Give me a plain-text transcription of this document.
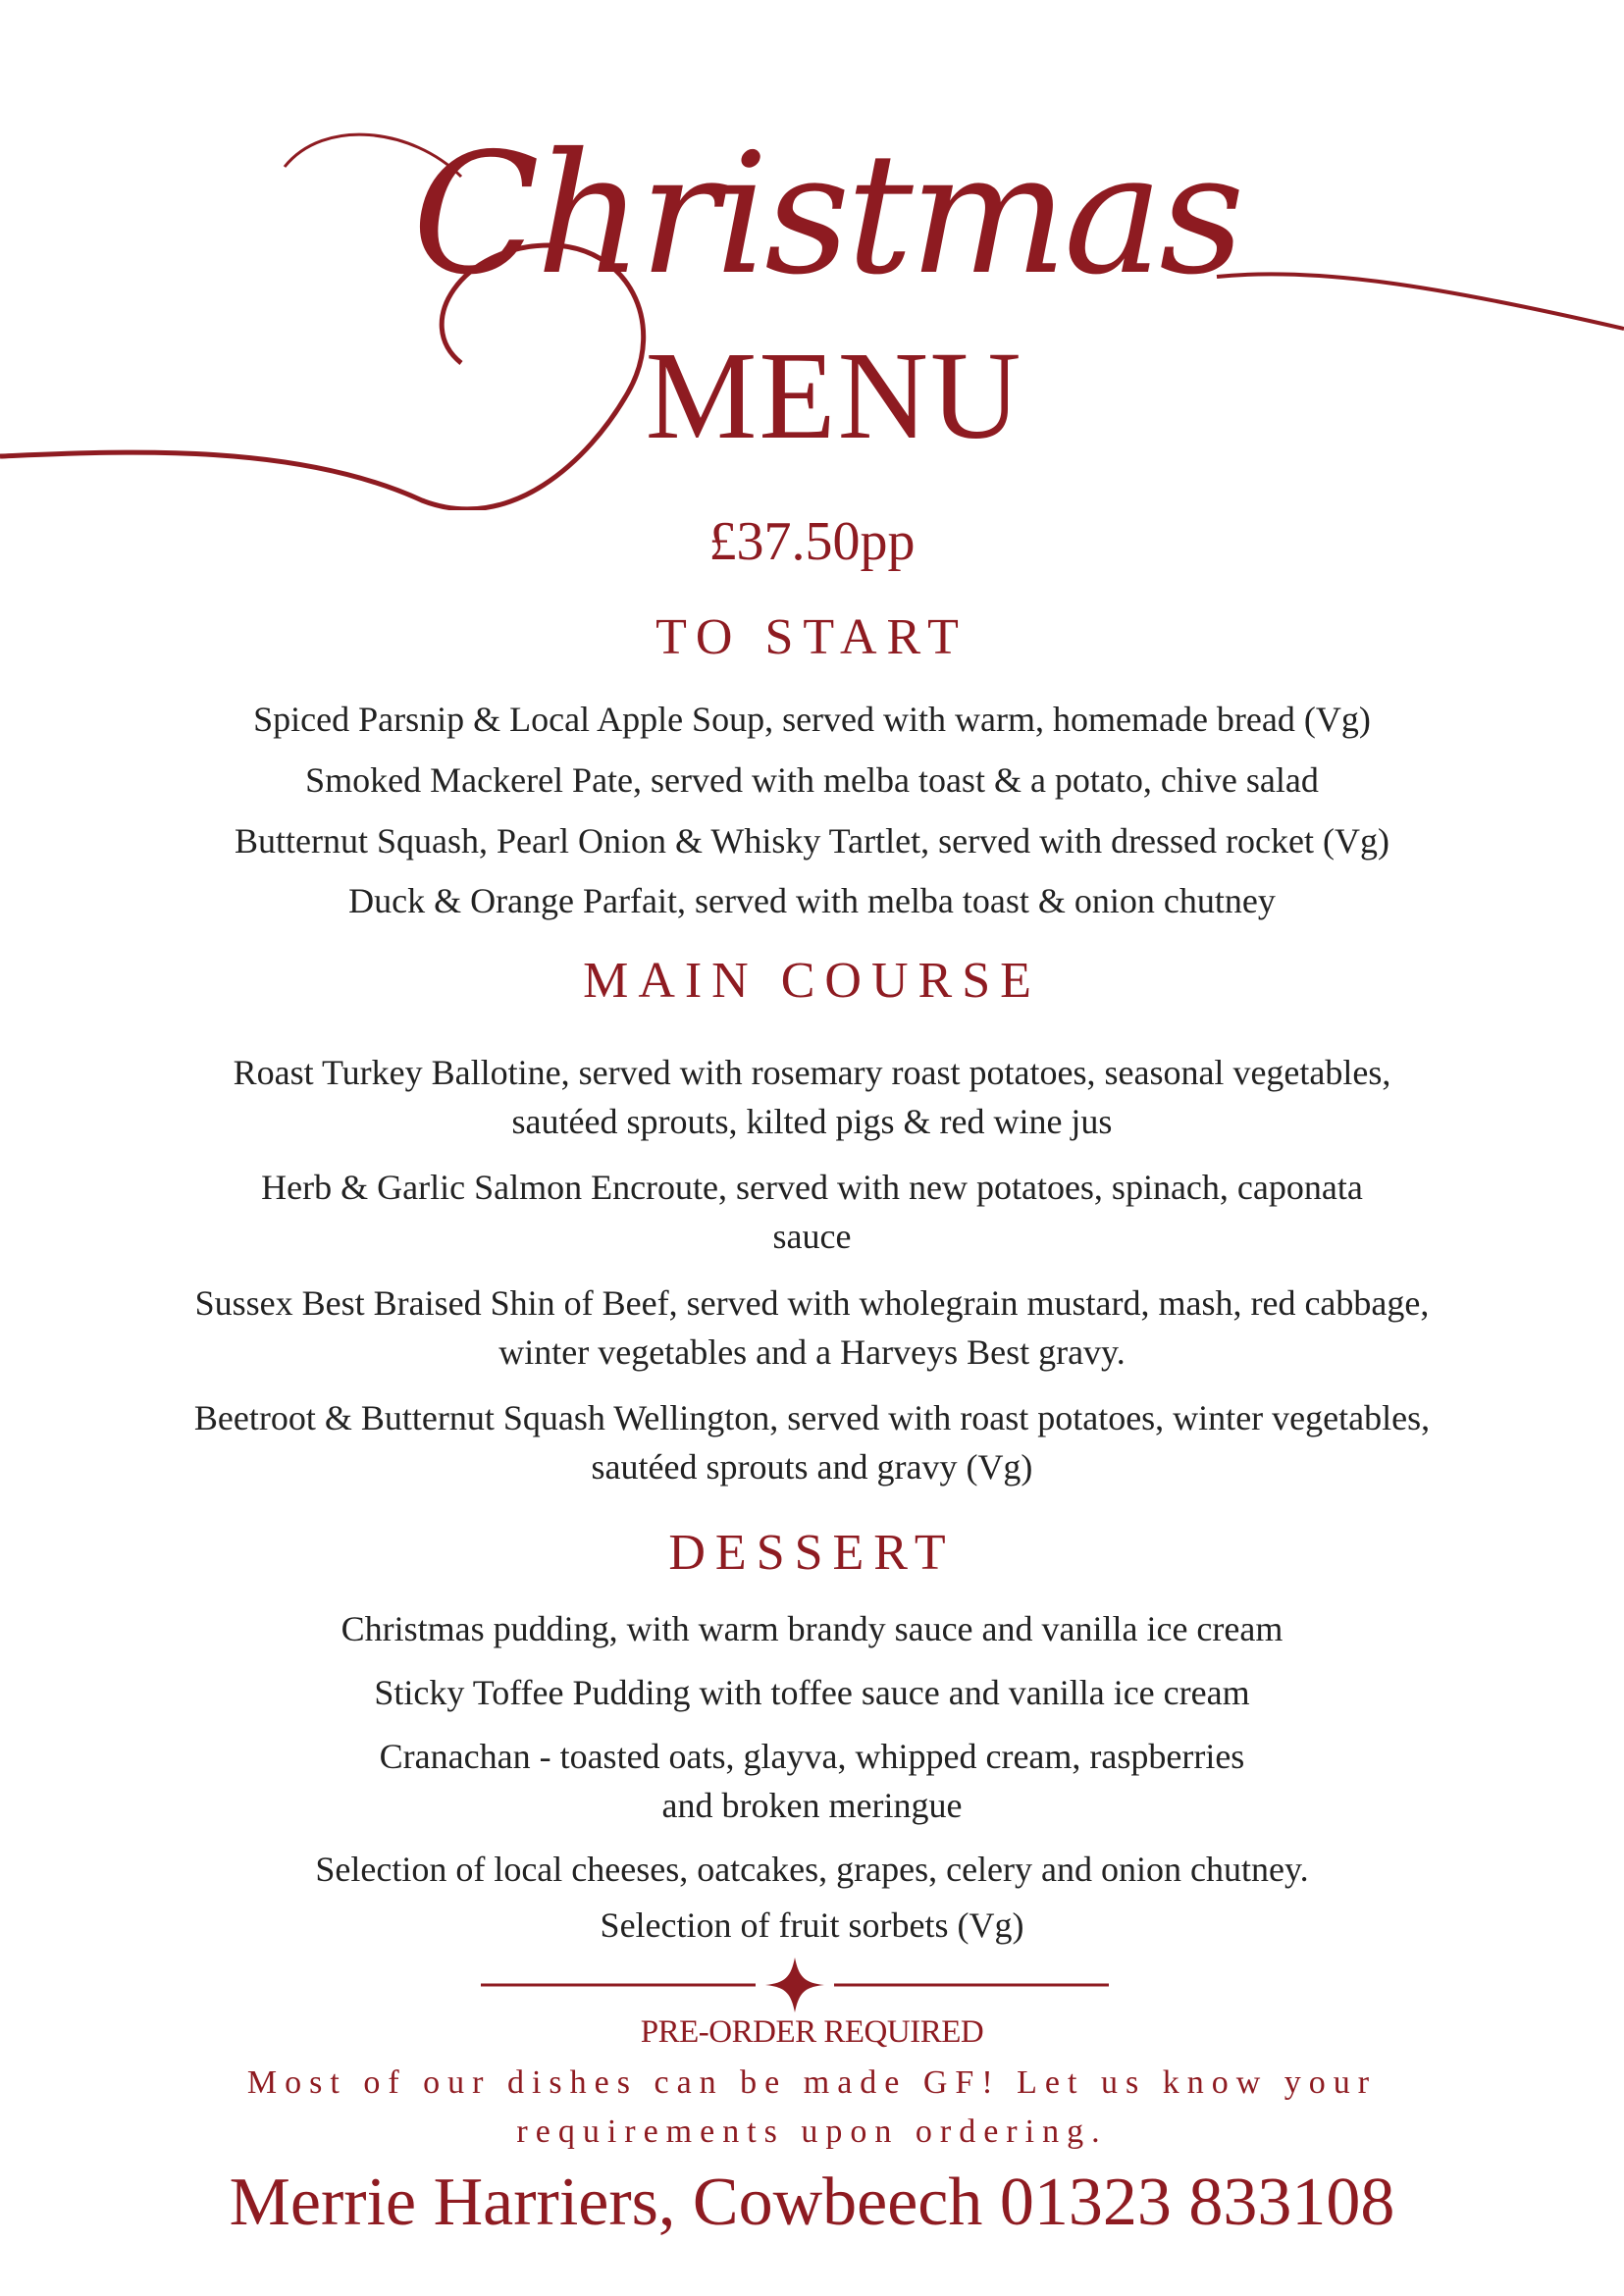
Christmas
MENU
£37.50pp
TO START
Spiced Parsnip & Local Apple Soup, served with warm, homemade bread (Vg)
Smoked Mackerel Pate, served with melba toast & a potato, chive salad
Butternut Squash, Pearl Onion & Whisky Tartlet, served with dressed rocket (Vg)
Duck & Orange Parfait, served with melba toast & onion chutney
MAIN COURSE
Roast Turkey Ballotine, served with rosemary roast potatoes, seasonal vegetables, sautéed sprouts, kilted pigs & red wine jus
Herb & Garlic Salmon Encroute, served with new potatoes, spinach, caponata sauce
Sussex Best Braised Shin of Beef, served with wholegrain mustard, mash, red cabbage, winter vegetables and a Harveys Best gravy.
Beetroot & Butternut Squash Wellington, served with roast potatoes, winter vegetables, sautéed sprouts and gravy (Vg)
DESSERT
Christmas pudding, with warm brandy sauce and vanilla ice cream
Sticky Toffee Pudding with toffee sauce and vanilla ice cream
Cranachan - toasted oats, glayva, whipped cream, raspberries and broken meringue
Selection of local cheeses, oatcakes, grapes, celery and onion chutney.
Selection of fruit sorbets (Vg)
PRE-ORDER REQUIRED
Most of our dishes can be made GF! Let us know your requirements upon ordering.
Merrie Harriers, Cowbeech 01323 833108
